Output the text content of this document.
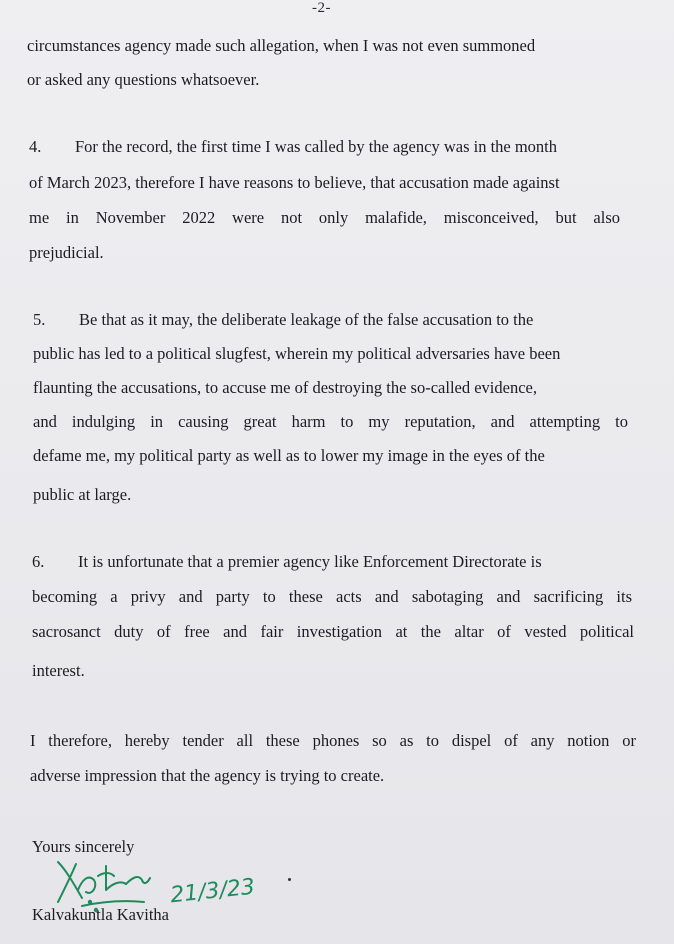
-2-
circumstances agency made such allegation, when I was not even summoned
or asked any questions whatsoever.
4. For the record, the first time I was called by the agency was in the month
of March 2023, therefore I have reasons to believe, that accusation made against
me in November 2022 were not only malafide, misconceived, but also
prejudicial.
5. Be that as it may, the deliberate leakage of the false accusation to the
public has led to a political slugfest, wherein my political adversaries have been
flaunting the accusations, to accuse me of destroying the so-called evidence,
and indulging in causing great harm to my reputation, and attempting to
defame me, my political party as well as to lower my image in the eyes of the
public at large.
6. It is unfortunate that a premier agency like Enforcement Directorate is
becoming a privy and party to these acts and sabotaging and sacrificing its
sacrosanct duty of free and fair investigation at the altar of vested political
interest.
I therefore, hereby tender all these phones so as to dispel of any notion or
adverse impression that the agency is trying to create.
Yours sincerely
21/3/23
Kalvakuntla Kavitha
